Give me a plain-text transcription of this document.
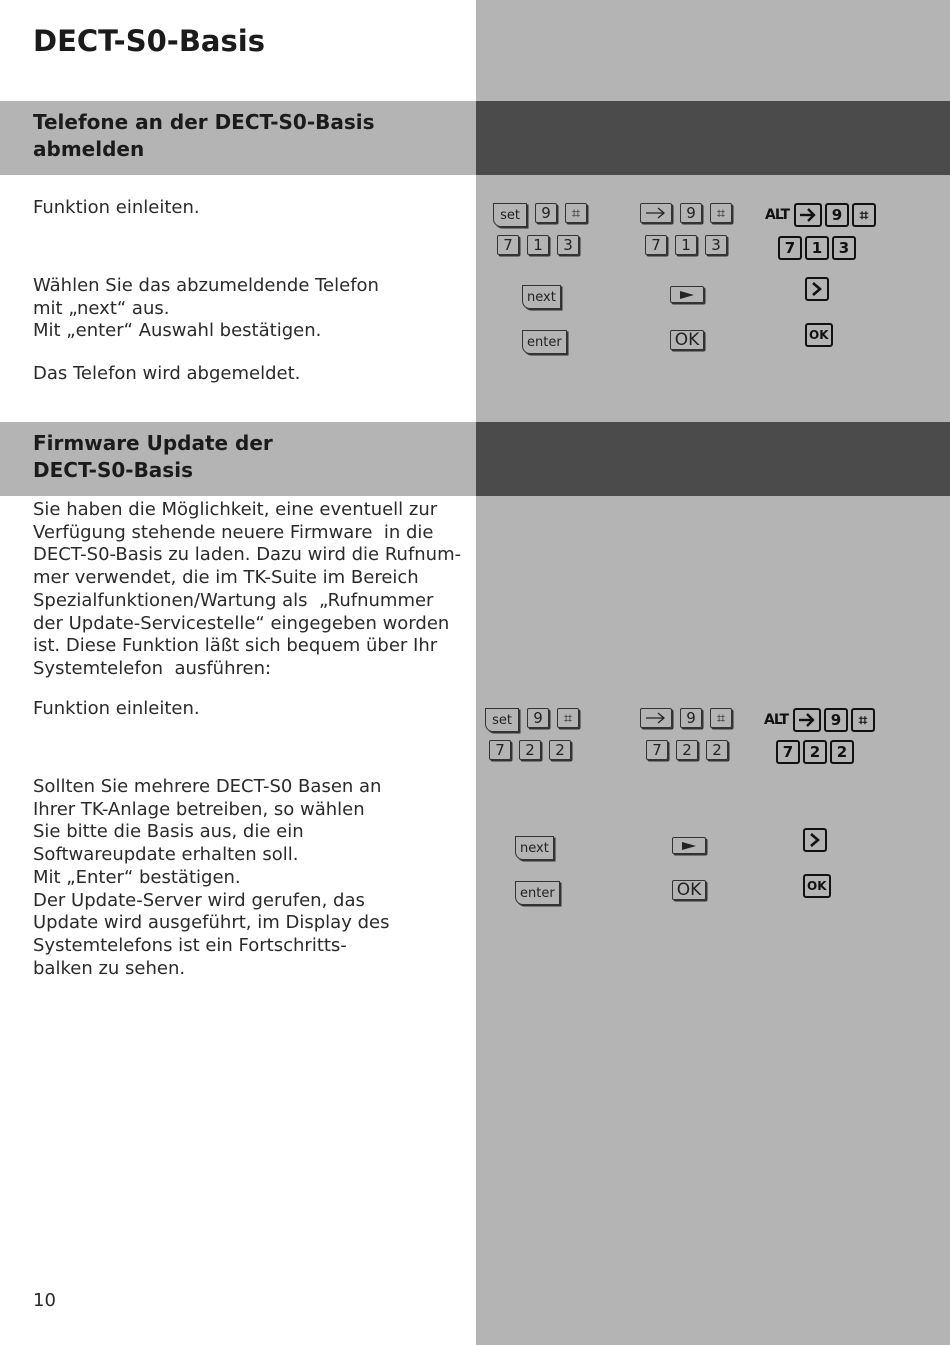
DECT-S0-Basis
Telefone an der DECT-S0-Basis
abmelden
Funktion einleiten.
Wählen Sie das abzumeldende Telefon
mit „next“ aus.
Mit „enter“ Auswahl bestätigen.
Das Telefon wird abgemeldet.
set	9	⌗
7	1	3
next
enter
9	⌗
7	1	3
OK
ALT	9	⌗
7	1	3
OK
Firmware Update der
DECT-S0-Basis
Sie haben die Möglichkeit, eine eventuell zur
Verfügung stehende neuere Firmware  in die
DECT-S0-Basis zu laden. Dazu wird die Rufnum-
mer verwendet, die im TK-Suite im Bereich
Spezialfunktionen/Wartung als  „Rufnummer
der Update-Servicestelle“ eingegeben worden
ist. Diese Funktion läßt sich bequem über Ihr
Systemtelefon  ausführen:
Funktion einleiten.
Sollten Sie mehrere DECT-S0 Basen an
Ihrer TK-Anlage betreiben, so wählen
Sie bitte die Basis aus, die ein
Softwareupdate erhalten soll.
Mit „Enter“ bestätigen.
Der Update-Server wird gerufen, das
Update wird ausgeführt, im Display des
Systemtelefons ist ein Fortschritts-
balken zu sehen.
set	9	⌗
7	2	2
next
enter
9	⌗
7	2	2
OK
ALT	9	⌗
7	2	2
OK
10
